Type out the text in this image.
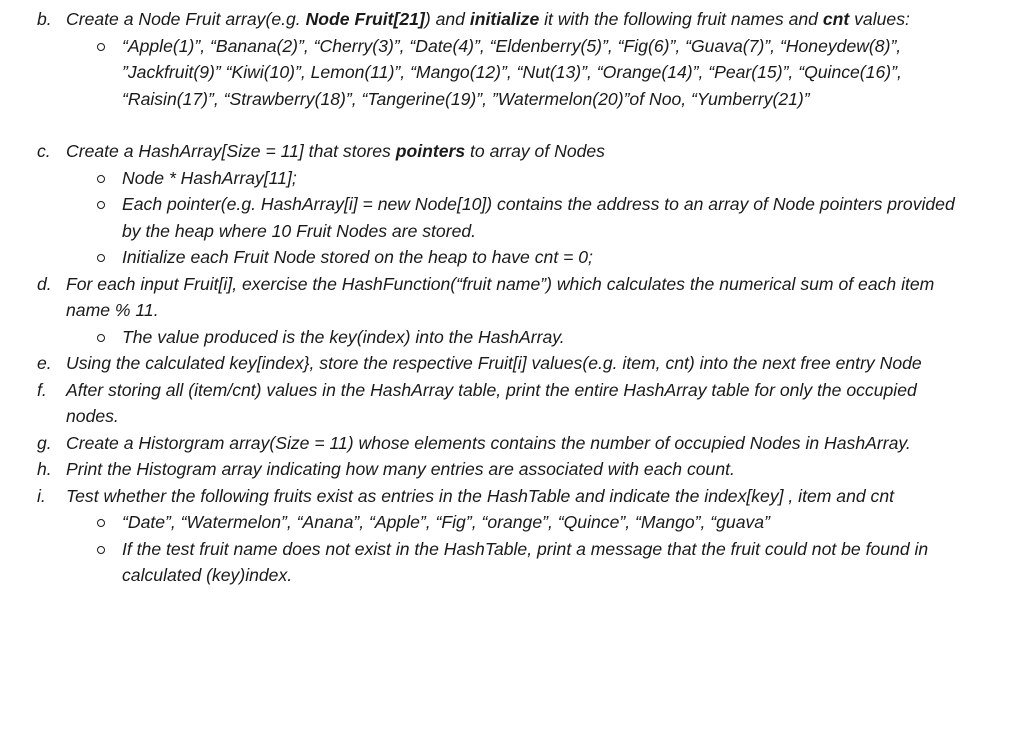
b. Create a Node Fruit array(e.g. Node Fruit[21]) and initialize it with the following fruit names and cnt values:
“Apple(1)”, “Banana(2)”, “Cherry(3)”, “Date(4)”, “Eldenberry(5)”, “Fig(6)”, “Guava(7)”, “Honeydew(8)”, ”Jackfruit(9)” “Kiwi(10)”, Lemon(11)”, “Mango(12)”, “Nut(13)”, “Orange(14)”, “Pear(15)”, “Quince(16)”, “Raisin(17)”, “Strawberry(18)”, “Tangerine(19)”, ”Watermelon(20)”of Noo, “Yumberry(21)”
c. Create a HashArray[Size = 11] that stores pointers to array of Nodes
Node * HashArray[11];
Each pointer(e.g. HashArray[i] = new Node[10]) contains the address to an array of Node pointers provided by the heap where 10 Fruit Nodes are stored.
Initialize each Fruit Node stored on the heap to have cnt = 0;
d. For each input Fruit[i], exercise the HashFunction(“fruit name”) which calculates the numerical sum of each item name % 11.
The value produced is the key(index) into the HashArray.
e. Using the calculated key[index}, store the respective Fruit[i] values(e.g. item, cnt) into the next free entry Node
f. After storing all (item/cnt) values in the HashArray table, print the entire HashArray table for only the occupied nodes.
g. Create a Historgram array(Size = 11) whose elements contains the number of occupied Nodes in HashArray.
h. Print the Histogram array indicating how many entries are associated with each count.
i. Test whether the following fruits exist as entries in the HashTable and indicate the index[key] , item and cnt
“Date”, “Watermelon”, “Anana”, “Apple”, “Fig”, “orange”, “Quince”, “Mango”, “guava”
If the test fruit name does not exist in the HashTable, print a message that the fruit could not be found in calculated (key)index.
